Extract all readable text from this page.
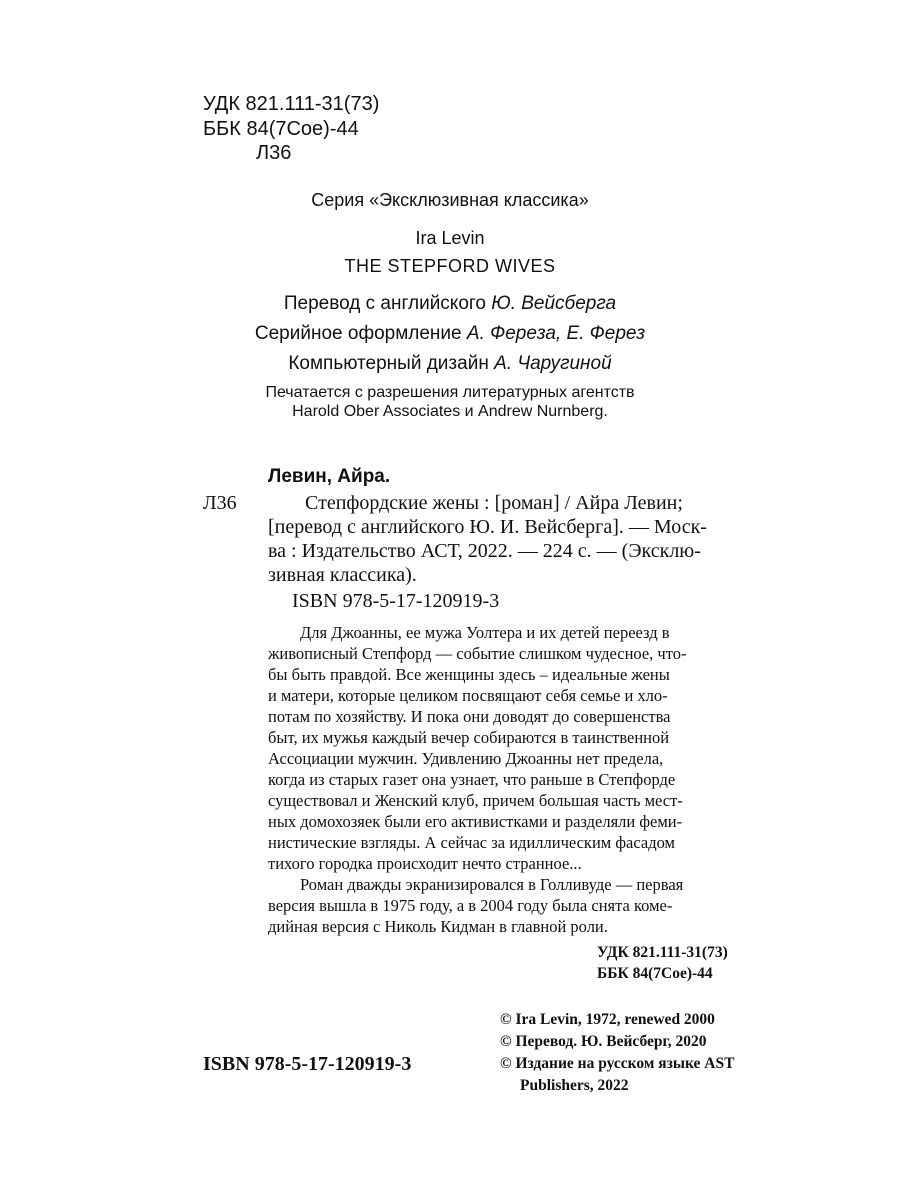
УДК 821.111-31(73)
ББК 84(7Сое)-44
Л36
Серия «Эксклюзивная классика»
Ira Levin
THE STEPFORD WIVES
Перевод с английского Ю. Вейсберга
Серийное оформление А. Фереза, Е. Ферез
Компьютерный дизайн А. Чаругиной
Печатается с разрешения литературных агентств
Harold Ober Associates и Andrew Nurnberg.
Левин, Айра.
Л36	Степфордские жены : [роман] / Айра Левин;
[перевод с английского Ю. И. Вейсберга]. — Моск-
ва : Издательство АСТ, 2022. — 224 с. — (Эксклю-
зивная классика).
ISBN 978-5-17-120919-3
Для Джоанны, ее мужа Уолтера и их детей переезд в
живописный Степфорд — событие слишком чудесное, что-
бы быть правдой. Все женщины здесь – идеальные жены
и матери, которые целиком посвящают себя семье и хло-
потам по хозяйству. И пока они доводят до совершенства
быт, их мужья каждый вечер собираются в таинственной
Ассоциации мужчин. Удивлению Джоанны нет предела,
когда из старых газет она узнает, что раньше в Степфорде
существовал и Женский клуб, причем большая часть мест-
ных домохозяек были его активистками и разделяли феми-
нистические взгляды. А сейчас за идиллическим фасадом
тихого городка происходит нечто странное...
Роман дважды экранизировался в Голливуде — первая
версия вышла в 1975 году, а в 2004 году была снята коме-
дийная версия с Николь Кидман в главной роли.
УДК 821.111-31(73)
ББК 84(7Сое)-44
© Ira Levin, 1972, renewed 2000
© Перевод. Ю. Вейсберг, 2020
© Издание на русском языке AST
Publishers, 2022
ISBN 978-5-17-120919-3
